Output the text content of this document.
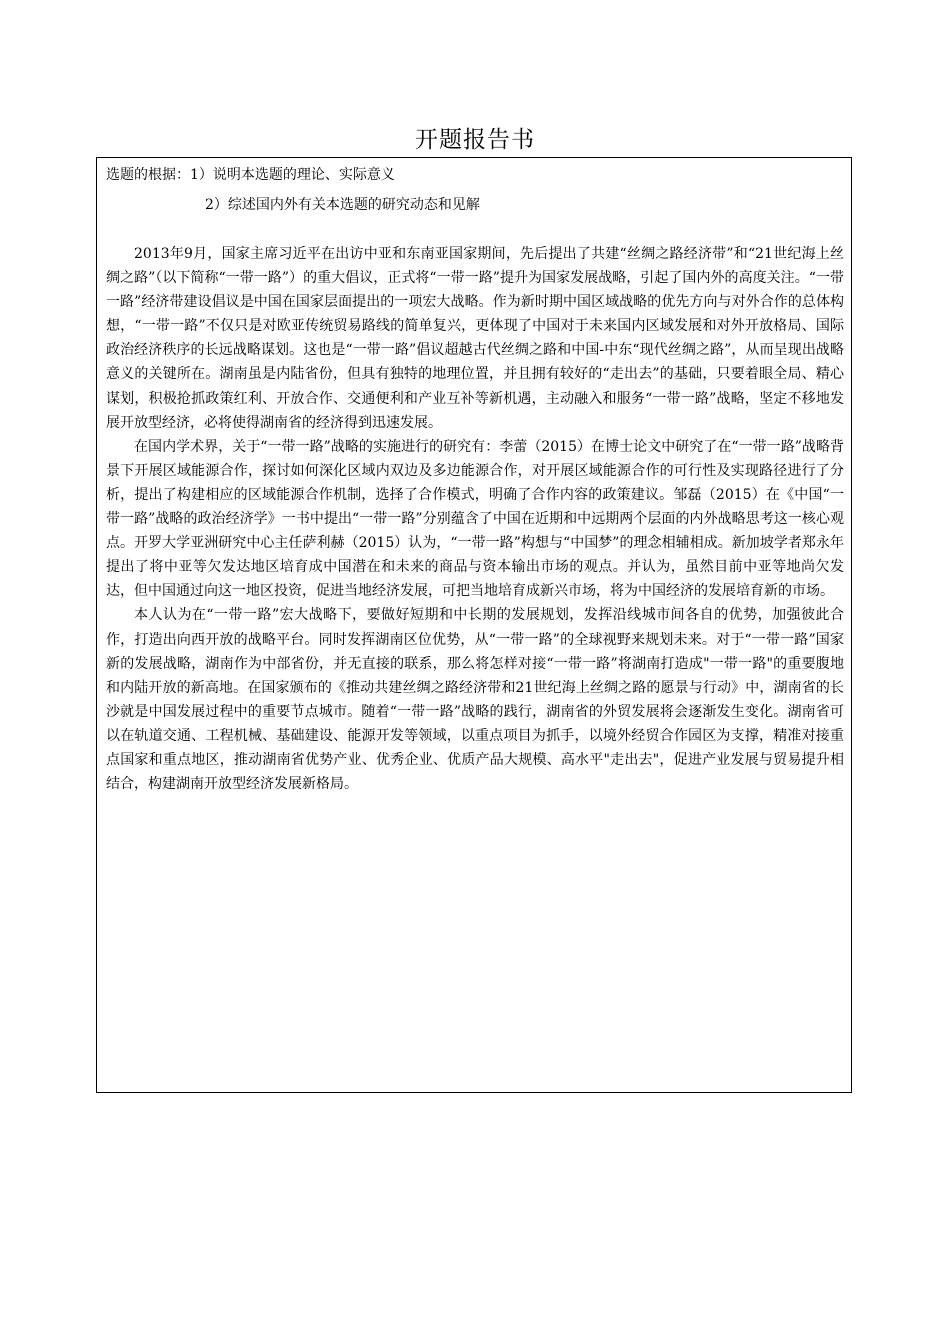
开题报告书
选题的根据：1）说明本选题的理论、实际意义
2）综述国内外有关本选题的研究动态和见解

2013年9月，国家主席习近平在出访中亚和东南亚国家期间，先后提出了共建“丝绸之路经济带”和“21世纪海上丝绸之路”（以下简称“一带一路”）的重大倡议，正式将“一带一路”提升为国家发展战略，引起了国内外的高度关注。“一带一路”经济带建设倡议是中国在国家层面提出的一项宏大战略。作为新时期中国区域战略的优先方向与对外合作的总体构想，“一带一路”不仅只是对欧亚传统贸易路线的简单复兴，更体现了中国对于未来国内区域发展和对外开放格局、国际政治经济秩序的长远战略谋划。这也是“一带一路”倡议超越古代丝绸之路和中国-中东“现代丝绸之路”，从而呈现出战略意义的关键所在。湖南虽是内陆省份，但具有独特的地理位置，并且拥有较好的“走出去”的基础，只要着眼全局、精心谋划，积极抢抓政策红利、开放合作、交通便利和产业互补等新机遇，主动融入和服务“一带一路”战略，坚定不移地发展开放型经济，必将使得湖南省的经济得到迅速发展。

在国内学术界，关于“一带一路”战略的实施进行的研究有：李蕾（2015）在博士论文中研究了在“一带一路”战略背景下开展区域能源合作，探讨如何深化区域内双边及多边能源合作，对开展区域能源合作的可行性及实现路径进行了分析，提出了构建相应的区域能源合作机制，选择了合作模式，明确了合作内容的政策建议。邹磊（2015）在《中国“一带一路”战略的政治经济学》一书中提出“一带一路”分别蕴含了中国在近期和中远期两个层面的内外战略思考这一核心观点。开罗大学亚洲研究中心主任萨利赫（2015）认为，“一带一路”构想与“中国梦”的理念相辅相成。新加坡学者郑永年提出了将中亚等欠发达地区培育成中国潜在和未来的商品与资本输出市场的观点。并认为，虽然目前中亚等地尚欠发达，但中国通过向这一地区投资，促进当地经济发展，可把当地培育成新兴市场，将为中国经济的发展培育新的市场。

本人认为在“一带一路”宏大战略下，要做好短期和中长期的发展规划，发挥沿线城市间各自的优势，加强彼此合作，打造出向西开放的战略平台。同时发挥湖南区位优势，从“一带一路”的全球视野来规划未来。对于“一带一路”国家新的发展战略，湖南作为中部省份，并无直接的联系，那么将怎样对接“一带一路”将湖南打造成"一带一路"的重要腹地和内陆开放的新高地。在国家颁布的《推动共建丝绸之路经济带和21世纪海上丝绸之路的愿景与行动》中，湖南省的长沙就是中国发展过程中的重要节点城市。随着“一带一路”战略的践行，湖南省的外贸发展将会逐渐发生变化。湖南省可以在轨道交通、工程机械、基础建设、能源开发等领域，以重点项目为抓手，以境外经贸合作园区为支撑，精准对接重点国家和重点地区，推动湖南省优势产业、优秀企业、优质产品大规模、高水平"走出去"，促进产业发展与贸易提升相结合，构建湖南开放型经济发展新格局。
